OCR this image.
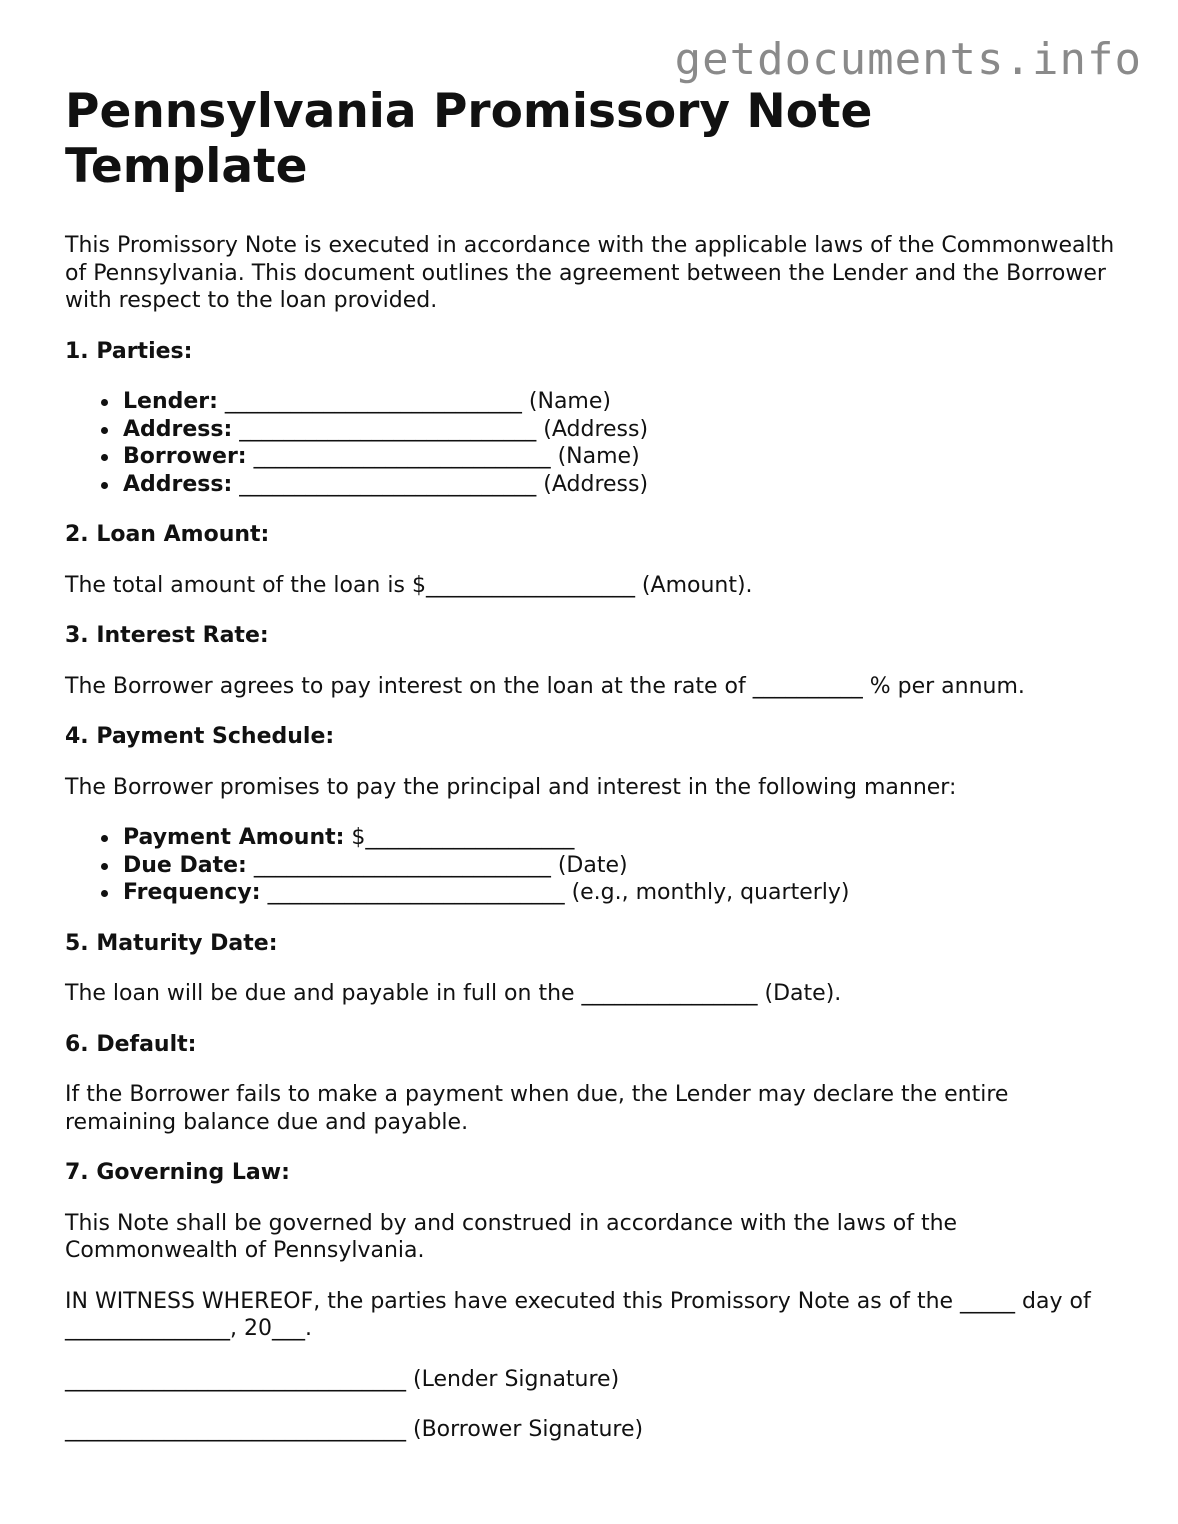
getdocuments.info
Pennsylvania Promissory Note Template

This Promissory Note is executed in accordance with the applicable laws of the Commonwealth of Pennsylvania. This document outlines the agreement between the Lender and the Borrower with respect to the loan provided.

1. Parties:
Lender: ___________________________ (Name)
Address: ___________________________ (Address)
Borrower: ___________________________ (Name)
Address: ___________________________ (Address)
2. Loan Amount:

The total amount of the loan is $___________________ (Amount).

3. Interest Rate:

The Borrower agrees to pay interest on the loan at the rate of __________ % per annum.

4. Payment Schedule:

The Borrower promises to pay the principal and interest in the following manner:

Payment Amount: $___________________
Due Date: ___________________________ (Date)
Frequency: ___________________________ (e.g., monthly, quarterly)
5. Maturity Date:

The loan will be due and payable in full on the ________________ (Date).

6. Default:

If the Borrower fails to make a payment when due, the Lender may declare the entire remaining balance due and payable.

7. Governing Law:

This Note shall be governed by and construed in accordance with the laws of the Commonwealth of Pennsylvania.

IN WITNESS WHEREOF, the parties have executed this Promissory Note as of the _____ day of _______________, 20___.

_______________________________ (Lender Signature)
_______________________________ (Borrower Signature)
